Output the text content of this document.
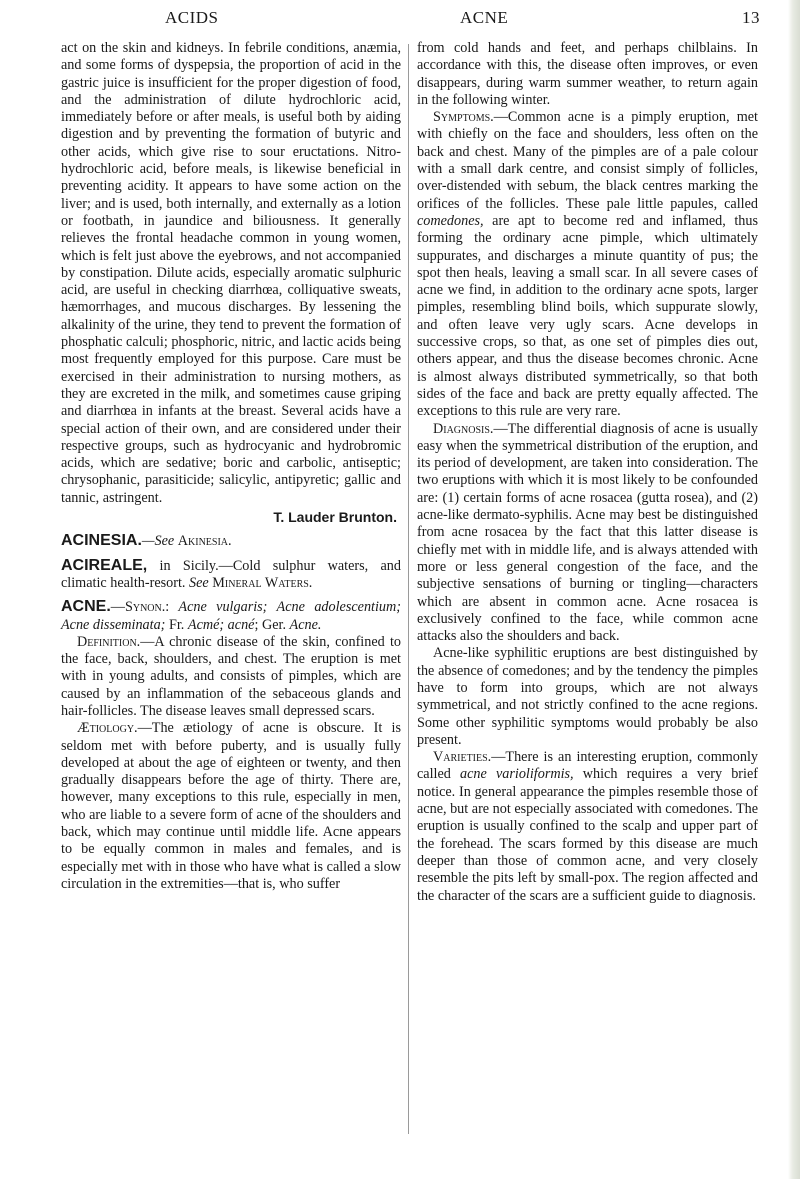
ACIDS	ACNE	13

act on the skin and kidneys. In febrile conditions, anæmia, and some forms of dyspepsia, the proportion of acid in the gastric juice is insufficient for the proper digestion of food, and the administration of dilute hydrochloric acid, immediately before or after meals, is useful both by aiding digestion and by preventing the formation of butyric and other acids, which give rise to sour eructations. Nitro-hydrochloric acid, before meals, is likewise beneficial in preventing acidity. It appears to have some action on the liver; and is used, both internally, and externally as a lotion or footbath, in jaundice and biliousness. It generally relieves the frontal headache common in young women, which is felt just above the eyebrows, and not accompanied by constipation. Dilute acids, especially aromatic sulphuric acid, are useful in checking diarrhœa, colliquative sweats, hæmorrhages, and mucous discharges. By lessening the alkalinity of the urine, they tend to prevent the formation of phosphatic calculi; phosphoric, nitric, and lactic acids being most frequently employed for this purpose. Care must be exercised in their administration to nursing mothers, as they are excreted in the milk, and sometimes cause griping and diarrhœa in infants at the breast. Several acids have a special action of their own, and are considered under their respective groups, such as hydrocyanic and hydrobromic acids, which are sedative; boric and carbolic, antiseptic; chrysophanic, parasiticide; salicylic, antipyretic; gallic and tannic, astringent.

T. Lauder Brunton.

ACINESIA.—See Akinesia.

ACIREALE, in Sicily.—Cold sulphur waters, and climatic health-resort. See Mineral Waters.

ACNE.—Synon.: Acne vulgaris; Acne adolescentium; Acne disseminata; Fr. Acmé; acné; Ger. Acne.

Definition.—A chronic disease of the skin, confined to the face, back, shoulders, and chest. The eruption is met with in young adults, and consists of pimples, which are caused by an inflammation of the sebaceous glands and hair-follicles. The disease leaves small depressed scars.

Ætiology.—The ætiology of acne is obscure. It is seldom met with before puberty, and is usually fully developed at about the age of eighteen or twenty, and then gradually disappears before the age of thirty. There are, however, many exceptions to this rule, especially in men, who are liable to a severe form of acne of the shoulders and back, which may continue until middle life. Acne appears to be equally common in males and females, and is especially met with in those who have what is called a slow circulation in the extremities—that is, who suffer

from cold hands and feet, and perhaps chilblains. In accordance with this, the disease often improves, or even disappears, during warm summer weather, to return again in the following winter.

Symptoms.—Common acne is a pimply eruption, met with chiefly on the face and shoulders, less often on the back and chest. Many of the pimples are of a pale colour with a small dark centre, and consist simply of follicles, over-distended with sebum, the black centres marking the orifices of the follicles. These pale little papules, called comedones, are apt to become red and inflamed, thus forming the ordinary acne pimple, which ultimately suppurates, and discharges a minute quantity of pus; the spot then heals, leaving a small scar. In all severe cases of acne we find, in addition to the ordinary acne spots, larger pimples, resembling blind boils, which suppurate slowly, and often leave very ugly scars. Acne develops in successive crops, so that, as one set of pimples dies out, others appear, and thus the disease becomes chronic. Acne is almost always distributed symmetrically, so that both sides of the face and back are pretty equally affected. The exceptions to this rule are very rare.

Diagnosis.—The differential diagnosis of acne is usually easy when the symmetrical distribution of the eruption, and its period of development, are taken into consideration. The two eruptions with which it is most likely to be confounded are: (1) certain forms of acne rosacea (gutta rosea), and (2) acne-like dermato-syphilis. Acne may best be distinguished from acne rosacea by the fact that this latter disease is chiefly met with in middle life, and is always attended with more or less general congestion of the face, and the subjective sensations of burning or tingling—characters which are absent in common acne. Acne rosacea is exclusively confined to the face, while common acne attacks also the shoulders and back.

Acne-like syphilitic eruptions are best distinguished by the absence of comedones; and by the tendency the pimples have to form into groups, which are not always symmetrical, and not strictly confined to the acne regions. Some other syphilitic symptoms would probably be also present.

Varieties.—There is an interesting eruption, commonly called acne varioliformis, which requires a very brief notice. In general appearance the pimples resemble those of acne, but are not especially associated with comedones. The eruption is usually confined to the scalp and upper part of the forehead. The scars formed by this disease are much deeper than those of common acne, and very closely resemble the pits left by small-pox. The region affected and the character of the scars are a sufficient guide to diagnosis.
